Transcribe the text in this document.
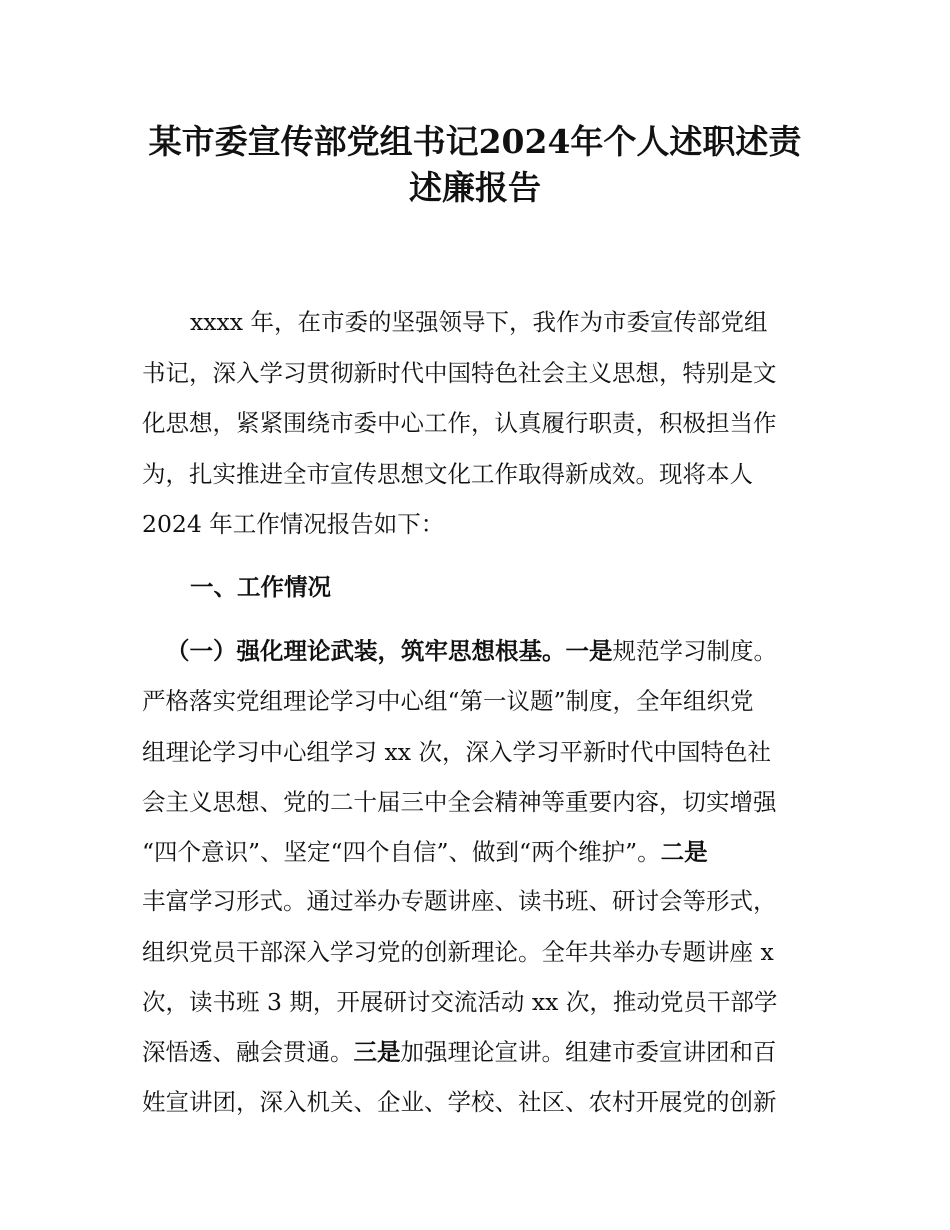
某市委宣传部党组书记2024年个人述职述责
述廉报告
xxxx 年，在市委的坚强领导下，我作为市委宣传部党组
书记，深入学习贯彻新时代中国特色社会主义思想，特别是文
化思想，紧紧围绕市委中心工作，认真履行职责，积极担当作
为，扎实推进全市宣传思想文化工作取得新成效。现将本人
2024 年工作情况报告如下：
一、工作情况
（一）强化理论武装，筑牢思想根基。一是规范学习制度。
严格落实党组理论学习中心组“第一议题”制度，全年组织党
组理论学习中心组学习 xx 次，深入学习平新时代中国特色社
会主义思想、党的二十届三中全会精神等重要内容，切实增强
“四个意识”、坚定“四个自信”、做到“两个维护”。二是
丰富学习形式。通过举办专题讲座、读书班、研讨会等形式，
组织党员干部深入学习党的创新理论。全年共举办专题讲座 x
次，读书班 3 期，开展研讨交流活动 xx 次，推动党员干部学
深悟透、融会贯通。三是加强理论宣讲。组建市委宣讲团和百
姓宣讲团，深入机关、企业、学校、社区、农村开展党的创新
